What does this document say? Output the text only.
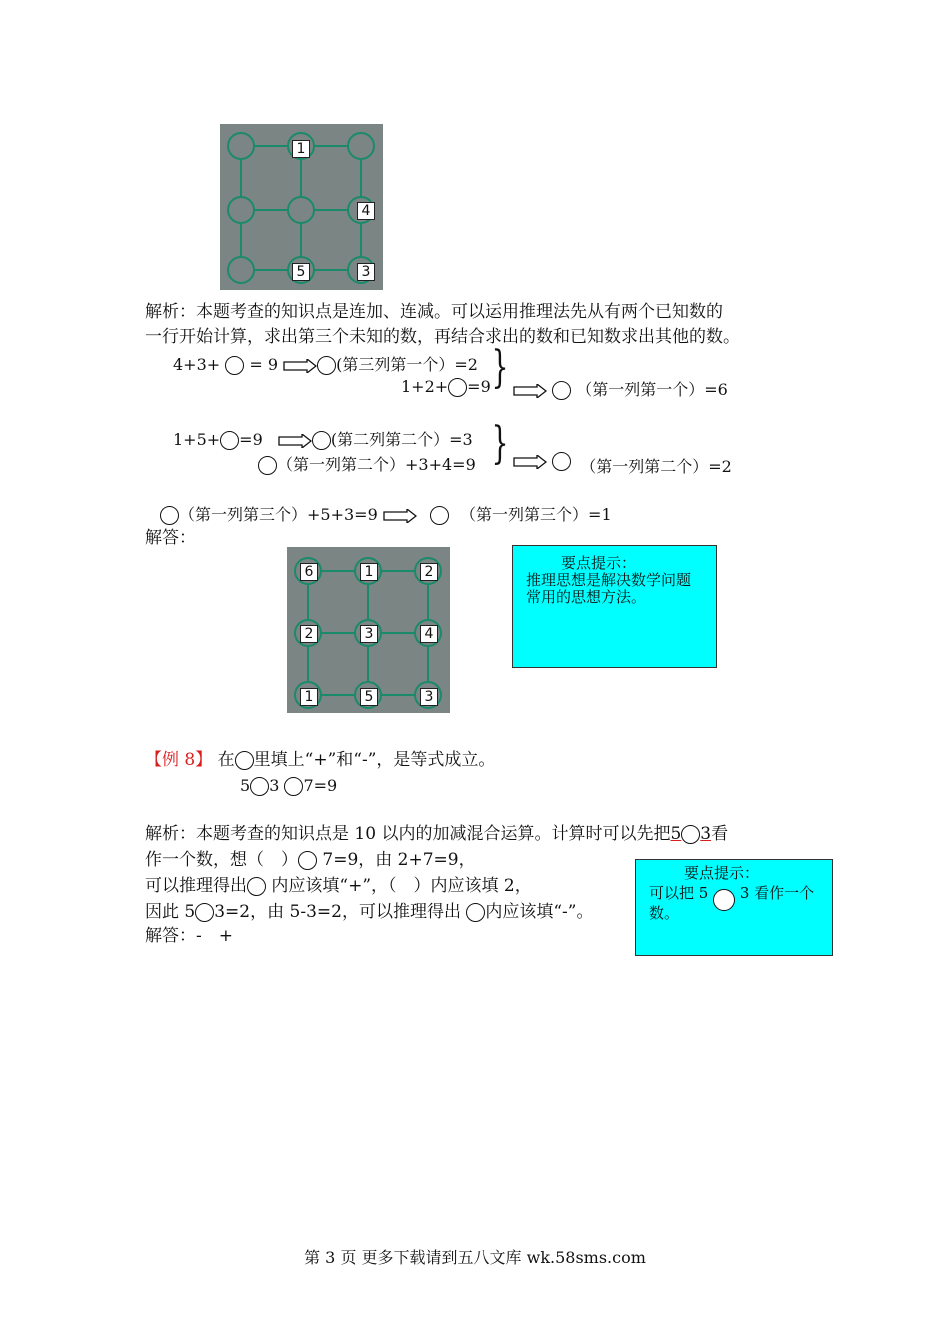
1
4
5	3
解析：本题考查的知识点是连加、连减。可以运用推理法先从有两个已知数的
一行开始计算，求出第三个未知的数，再结合求出的数和已知数求出其他的数。
4+3+ = 9	(第三列第一个）=2
1+2+ =9 }	（第一列第一个）=6
1+5+ =9	(第二列第二个）=3
（第一列第二个）+3+4=9 }	（第一列第二个）=2
（第一列第三个）+5+3=9	（第一列第三个）=1
解答：
6	1	2
2	3	4
1	5	3
要点提示：
推理思想是解决数学问题常用的思想方法。
【例 8】 在 里填上“+”和“-”，是等式成立。
5 3 7=9
解析：本题考查的知识点是 10 以内的加减混合运算。计算时可以先把5 3看
作一个数，想（　） 7=9，由 2+7=9，
可以推理得出 内应该填“+”，（　）内应该填 2，
因此 5 3=2，由 5-3=2，可以推理得出 内应该填“-”。
解答：-　+
要点提示：
可以把 5 3 看作一个
数。
第 3 页 更多下载请到五八文库 wk.58sms.com
